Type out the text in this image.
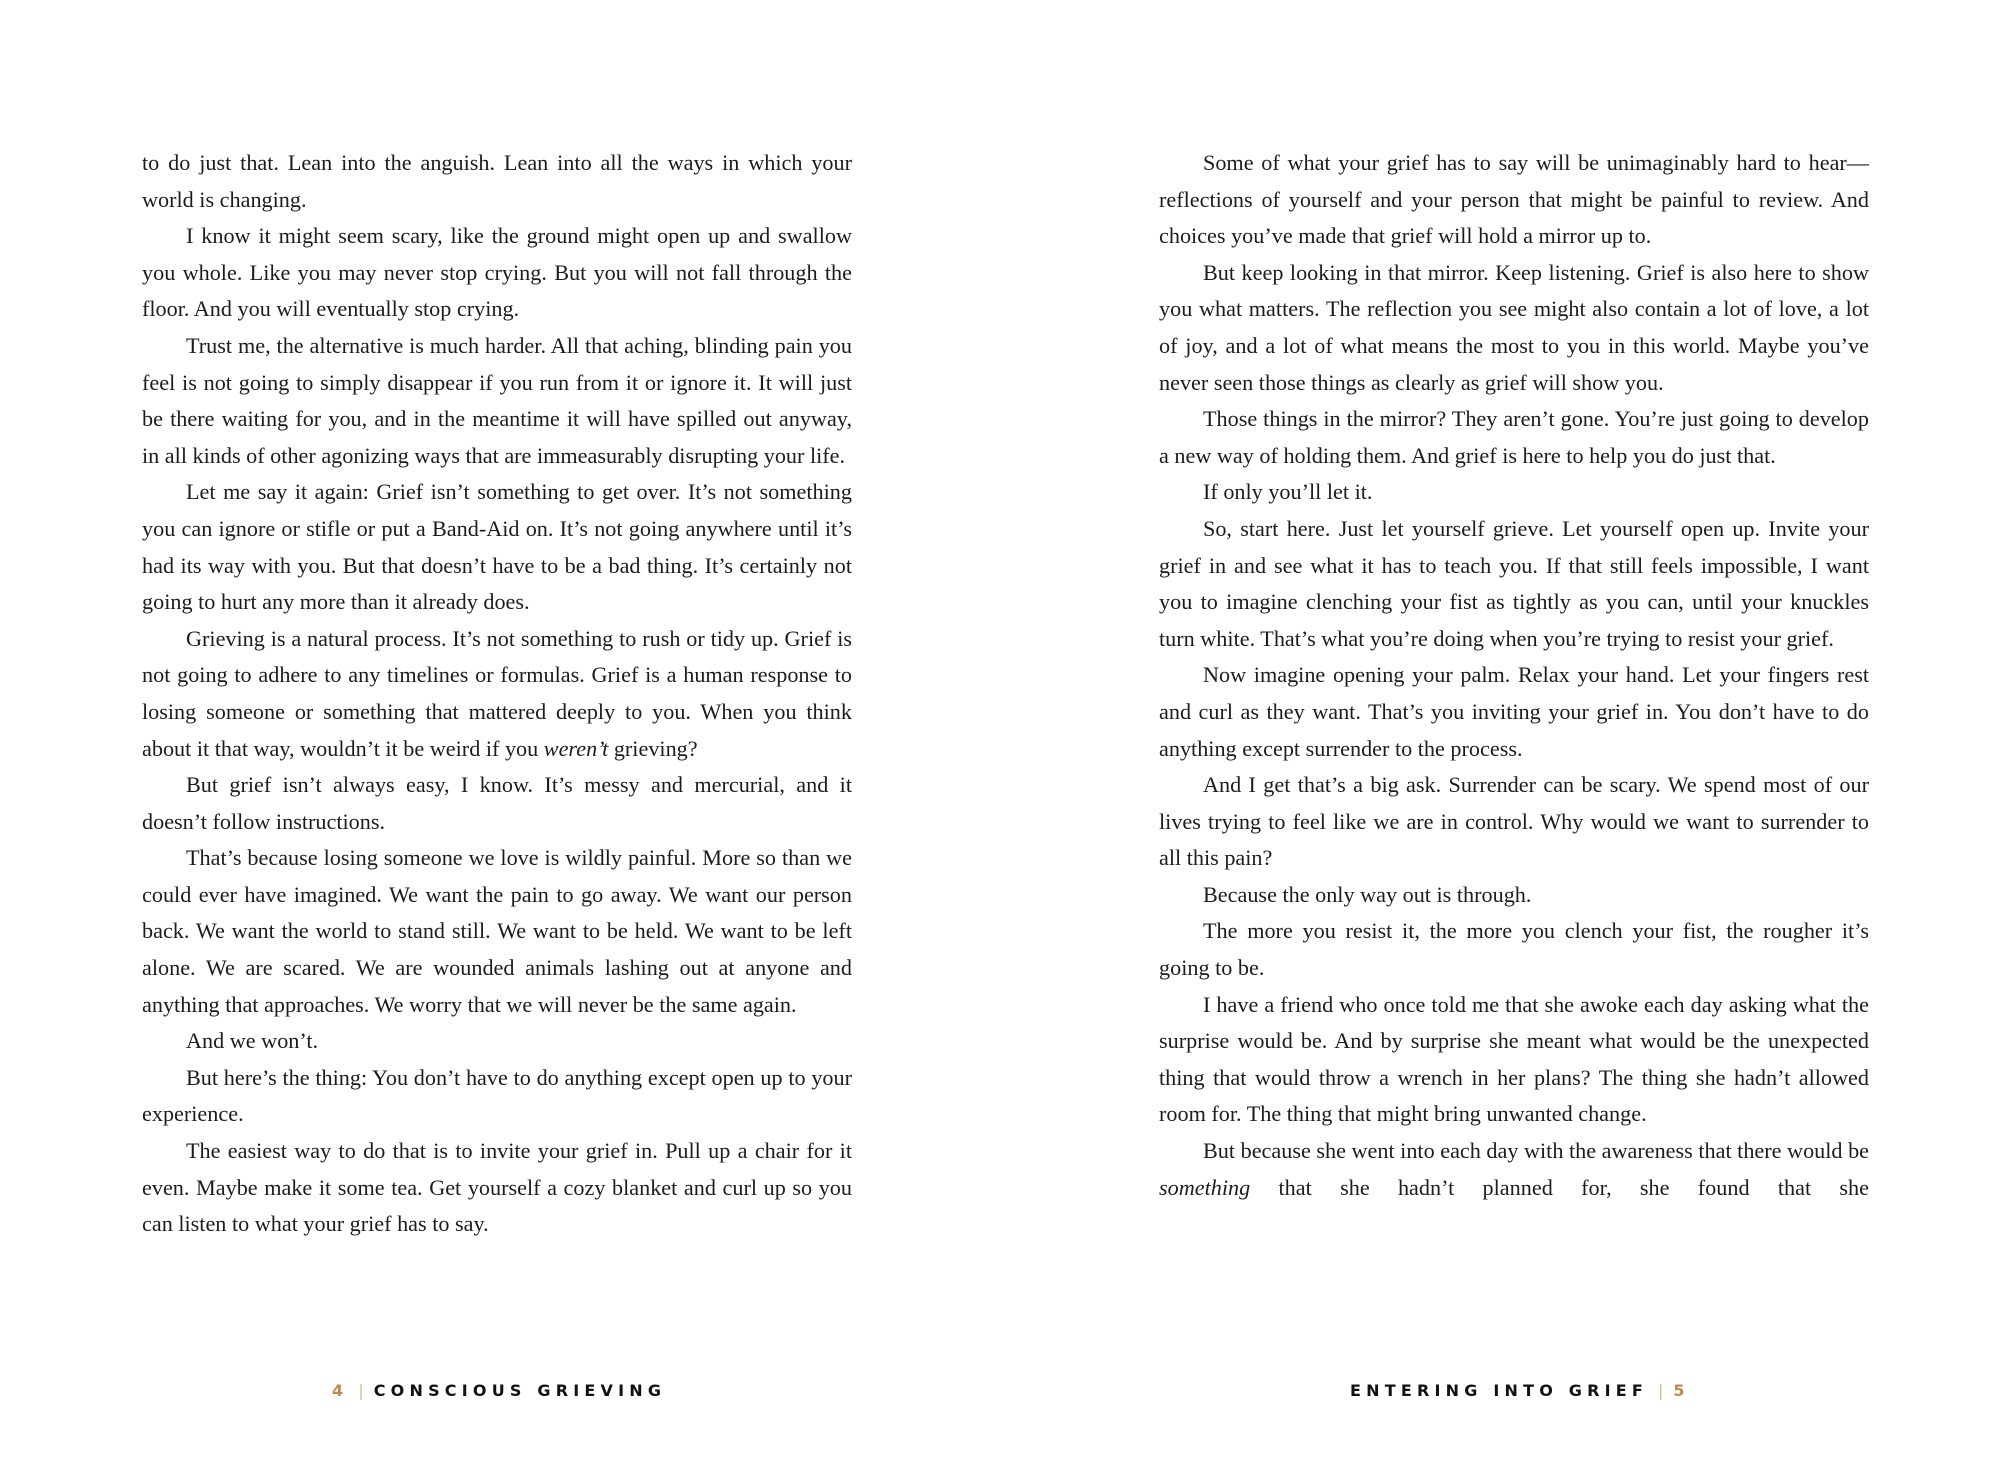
to do just that. Lean into the anguish. Lean into all the ways in which your world is changing.

I know it might seem scary, like the ground might open up and swallow you whole. Like you may never stop crying. But you will not fall through the floor. And you will eventually stop crying.

Trust me, the alternative is much harder. All that aching, blinding pain you feel is not going to simply disappear if you run from it or ignore it. It will just be there waiting for you, and in the meantime it will have spilled out anyway, in all kinds of other agonizing ways that are immeasurably disrupting your life.

Let me say it again: Grief isn’t something to get over. It’s not something you can ignore or stifle or put a Band-Aid on. It’s not going anywhere until it’s had its way with you. But that doesn’t have to be a bad thing. It’s certainly not going to hurt any more than it already does.

Grieving is a natural process. It’s not something to rush or tidy up. Grief is not going to adhere to any timelines or formulas. Grief is a human response to losing someone or something that mattered deeply to you. When you think about it that way, wouldn’t it be weird if you weren’t grieving?

But grief isn’t always easy, I know. It’s messy and mercurial, and it doesn’t follow instructions.

That’s because losing someone we love is wildly painful. More so than we could ever have imagined. We want the pain to go away. We want our person back. We want the world to stand still. We want to be held. We want to be left alone. We are scared. We are wounded animals lashing out at anyone and anything that approaches. We worry that we will never be the same again.

And we won’t.

But here’s the thing: You don’t have to do anything except open up to your experience.

The easiest way to do that is to invite your grief in. Pull up a chair for it even. Maybe make it some tea. Get yourself a cozy blanket and curl up so you can listen to what your grief has to say.

4 | CONSCIOUS GRIEVING

Some of what your grief has to say will be unimaginably hard to hear—reflections of yourself and your person that might be painful to review. And choices you’ve made that grief will hold a mirror up to.

But keep looking in that mirror. Keep listening. Grief is also here to show you what matters. The reflection you see might also contain a lot of love, a lot of joy, and a lot of what means the most to you in this world. Maybe you’ve never seen those things as clearly as grief will show you.

Those things in the mirror? They aren’t gone. You’re just going to develop a new way of holding them. And grief is here to help you do just that.

If only you’ll let it.

So, start here. Just let yourself grieve. Let yourself open up. Invite your grief in and see what it has to teach you. If that still feels impossible, I want you to imagine clenching your fist as tightly as you can, until your knuckles turn white. That’s what you’re doing when you’re trying to resist your grief.

Now imagine opening your palm. Relax your hand. Let your fingers rest and curl as they want. That’s you inviting your grief in. You don’t have to do anything except surrender to the process.

And I get that’s a big ask. Surrender can be scary. We spend most of our lives trying to feel like we are in control. Why would we want to surrender to all this pain?

Because the only way out is through.

The more you resist it, the more you clench your fist, the rougher it’s going to be.

I have a friend who once told me that she awoke each day asking what the surprise would be. And by surprise she meant what would be the unexpected thing that would throw a wrench in her plans? The thing she hadn’t allowed room for. The thing that might bring unwanted change.

But because she went into each day with the awareness that there would be something that she hadn’t planned for, she found that she

ENTERING INTO GRIEF | 5
